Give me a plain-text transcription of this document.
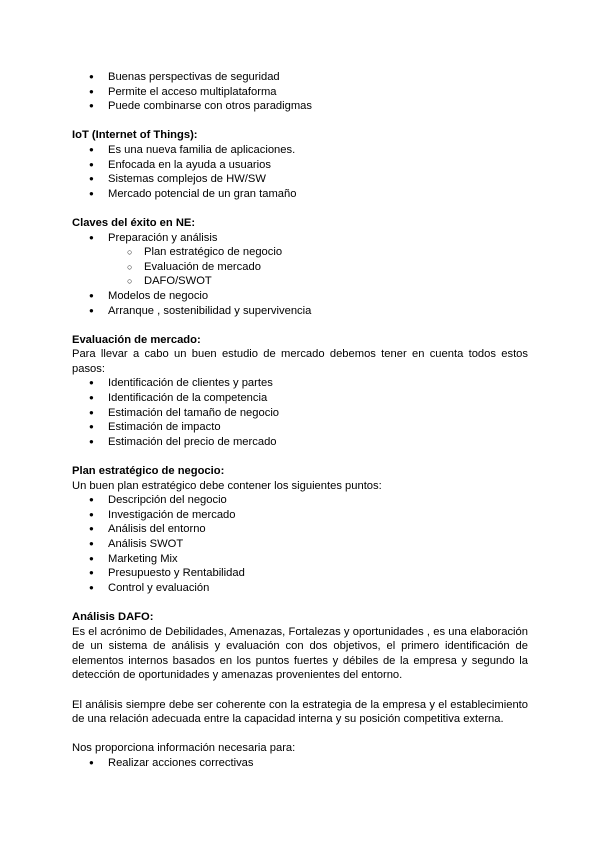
● Buenas perspectivas de seguridad
● Permite el acceso multiplataforma
● Puede combinarse con otros paradigmas
IoT (Internet of Things):
● Es una nueva familia de aplicaciones.
● Enfocada en la ayuda a usuarios
● Sistemas complejos de HW/SW
● Mercado potencial de un gran tamaño
Claves del éxito en NE:
● Preparación y análisis
○ Plan estratégico de negocio
○ Evaluación de mercado
○ DAFO/SWOT
● Modelos de negocio
● Arranque , sostenibilidad y supervivencia
Evaluación de mercado:

Para llevar a cabo un buen estudio de mercado debemos tener en cuenta todos estos pasos:

● Identificación de clientes y partes
● Identificación de la competencia
● Estimación del tamaño de negocio
● Estimación de impacto
● Estimación del precio de mercado
Plan estratégico de negocio:

Un buen plan estratégico debe contener los siguientes puntos:

● Descripción del negocio
● Investigación de mercado
● Análisis del entorno
● Análisis SWOT
● Marketing Mix
● Presupuesto y Rentabilidad
● Control y evaluación
Análisis DAFO:

Es el acrónimo de Debilidades, Amenazas, Fortalezas y oportunidades , es una elaboración de un sistema de análisis y evaluación con dos objetivos, el primero identificación de elementos internos basados en los puntos fuertes y débiles de la empresa y segundo la detección de oportunidades y amenazas provenientes del entorno.

El análisis siempre debe ser coherente con la estrategia de la empresa y el establecimiento de una relación adecuada entre la capacidad interna y su posición competitiva externa.

Nos proporciona información necesaria para:

● Realizar acciones correctivas
